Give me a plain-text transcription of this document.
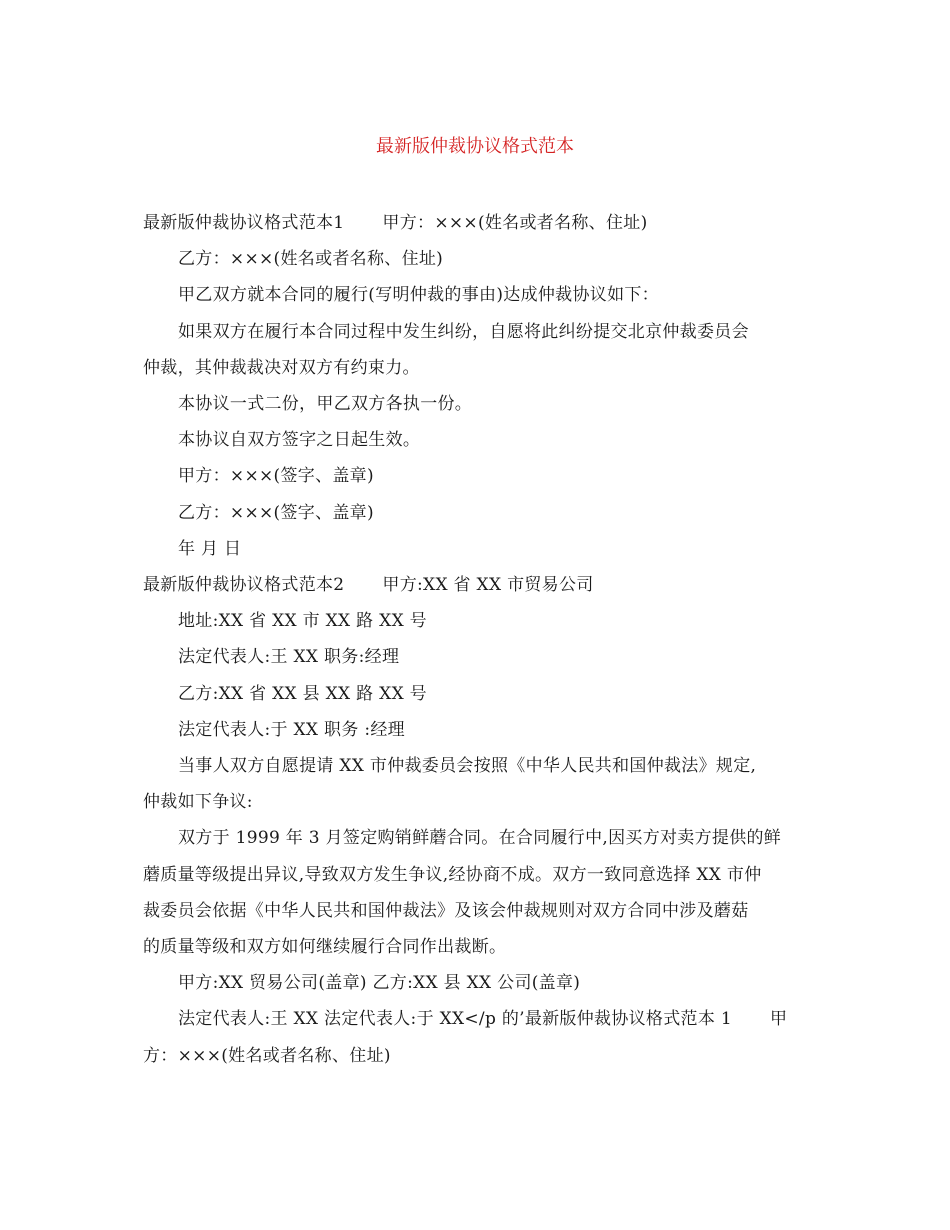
最新版仲裁协议格式范本

最新版仲裁协议格式范本1 甲方：×××(姓名或者名称、住址)

乙方：×××(姓名或者名称、住址)

甲乙双方就本合同的履行(写明仲裁的事由)达成仲裁协议如下：

如果双方在履行本合同过程中发生纠纷，自愿将此纠纷提交北京仲裁委员会

仲裁，其仲裁裁决对双方有约束力。

本协议一式二份，甲乙双方各执一份。

本协议自双方签字之日起生效。

甲方：×××(签字、盖章)

乙方：×××(签字、盖章)

年 月 日

最新版仲裁协议格式范本2 甲方:XX 省 XX 市贸易公司

地址:XX 省 XX 市 XX 路 XX 号

法定代表人:王 XX 职务:经理

乙方:XX 省 XX 县 XX 路 XX 号

法定代表人:于 XX 职务 :经理

当事人双方自愿提请 XX 市仲裁委员会按照《中华人民共和国仲裁法》规定,

仲裁如下争议:

双方于 1999 年 3 月签定购销鲜蘑合同。在合同履行中,因买方对卖方提供的鲜

蘑质量等级提出异议,导致双方发生争议,经协商不成。双方一致同意选择 XX 市仲

裁委员会依据《中华人民共和国仲裁法》及该会仲裁规则对双方合同中涉及蘑菇

的质量等级和双方如何继续履行合同作出裁断。

甲方:XX 贸易公司(盖章) 乙方:XX 县 XX 公司(盖章)

法定代表人:王 XX 法定代表人:于 XX</p 的’最新版仲裁协议格式范本 1 甲

方：×××(姓名或者名称、住址)
